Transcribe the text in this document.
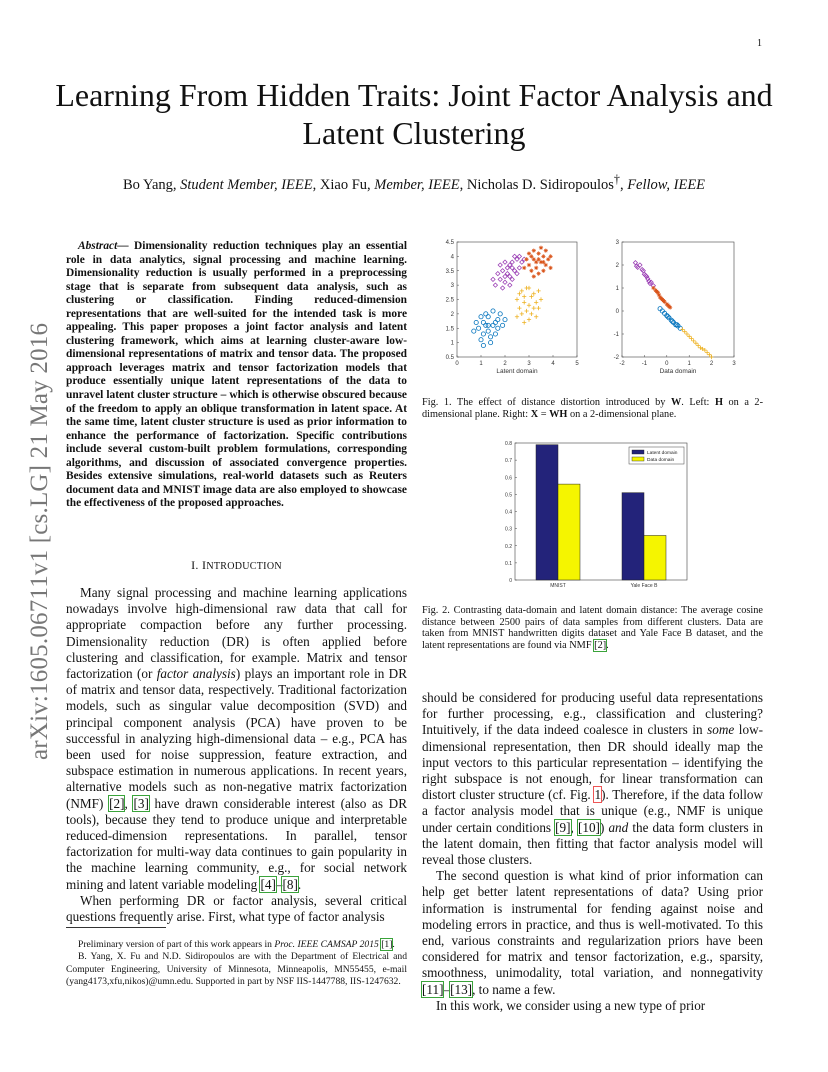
1
arXiv:1605.06711v1 [cs.LG] 21 May 2016
Learning From Hidden Traits: Joint Factor Analysis and Latent Clustering
Bo Yang, Student Member, IEEE, Xiao Fu, Member, IEEE, Nicholas D. Sidiropoulos†, Fellow, IEEE
Abstract— Dimensionality reduction techniques play an essential role in data analytics, signal processing and machine learning. Dimensionality reduction is usually performed in a preprocessing stage that is separate from subsequent data analysis, such as clustering or classification. Finding reduced-dimension representations that are well-suited for the intended task is more appealing. This paper proposes a joint factor analysis and latent clustering framework, which aims at learning cluster-aware low-dimensional representations of matrix and tensor data. The proposed approach leverages matrix and tensor factorization models that produce essentially unique latent representations of the data to unravel latent cluster structure – which is otherwise obscured because of the freedom to apply an oblique transformation in latent space. At the same time, latent cluster structure is used as prior information to enhance the performance of factorization. Specific contributions include several custom-built problem formulations, corresponding algorithms, and discussion of associated convergence properties. Besides extensive simulations, real-world datasets such as Reuters document data and MNIST image data are also employed to showcase the effectiveness of the proposed approaches.
I. INTRODUCTION

Many signal processing and machine learning applications nowadays involve high-dimensional raw data that call for appropriate compaction before any further processing. Dimensionality reduction (DR) is often applied before clustering and classification, for example. Matrix and tensor factorization (or factor analysis) plays an important role in DR of matrix and tensor data, respectively. Traditional factorization models, such as singular value decomposition (SVD) and principal component analysis (PCA) have proven to be successful in analyzing high-dimensional data – e.g., PCA has been used for noise suppression, feature extraction, and subspace estimation in numerous applications. In recent years, alternative models such as non-negative matrix factorization (NMF) [2], [3] have drawn considerable interest (also as DR tools), because they tend to produce unique and interpretable reduced-dimension representations. In parallel, tensor factorization for multi-way data continues to gain popularity in the machine learning community, e.g., for social network mining and latent variable modeling [4]–[8].

When performing DR or factor analysis, several critical questions frequently arise. First, what type of factor analysis

Preliminary version of part of this work appears in Proc. IEEE CAMSAP 2015 [1].

B. Yang, X. Fu and N.D. Sidiropoulos are with the Department of Electrical and Computer Engineering, University of Minnesota, Minneapolis, MN55455, e-mail (yang4173,xfu,nikos)@umn.edu. Supported in part by NSF IIS-1447788, IIS-1247632.

0	1	2	3	4	5
0.5
1
1.5
2
2.5
3
3.5
4
4.5
Latent domain
-2	-1	0	1	2	3
-2
-1
0
1
2
3
Data domain
Fig. 1. The effect of distance distortion introduced by W. Left: H on a 2-dimensional plane. Right: X = WH on a 2-dimensional plane.
0
0.1
0.2
0.3
0.4
0.5
0.6
0.7
0.8
MNIST	Yale Face B
Latent domain
Data domain
Fig. 2. Contrasting data-domain and latent domain distance: The average cosine distance between 2500 pairs of data samples from different clusters. Data are taken from MNIST handwritten digits dataset and Yale Face B dataset, and the latent representations are found via NMF [2].

should be considered for producing useful data representations for further processing, e.g., classification and clustering? Intuitively, if the data indeed coalesce in clusters in some low-dimensional representation, then DR should ideally map the input vectors to this particular representation – identifying the right subspace is not enough, for linear transformation can distort cluster structure (cf. Fig. 1). Therefore, if the data follow a factor analysis model that is unique (e.g., NMF is unique under certain conditions [9], [10]) and the data form clusters in the latent domain, then fitting that factor analysis model will reveal those clusters.

The second question is what kind of prior information can help get better latent representations of data? Using prior information is instrumental for fending against noise and modeling errors in practice, and thus is well-motivated. To this end, various constraints and regularization priors have been considered for matrix and tensor factorization, e.g., sparsity, smoothness, unimodality, total variation, and nonnegativity [11]–[13], to name a few.

In this work, we consider using a new type of prior
